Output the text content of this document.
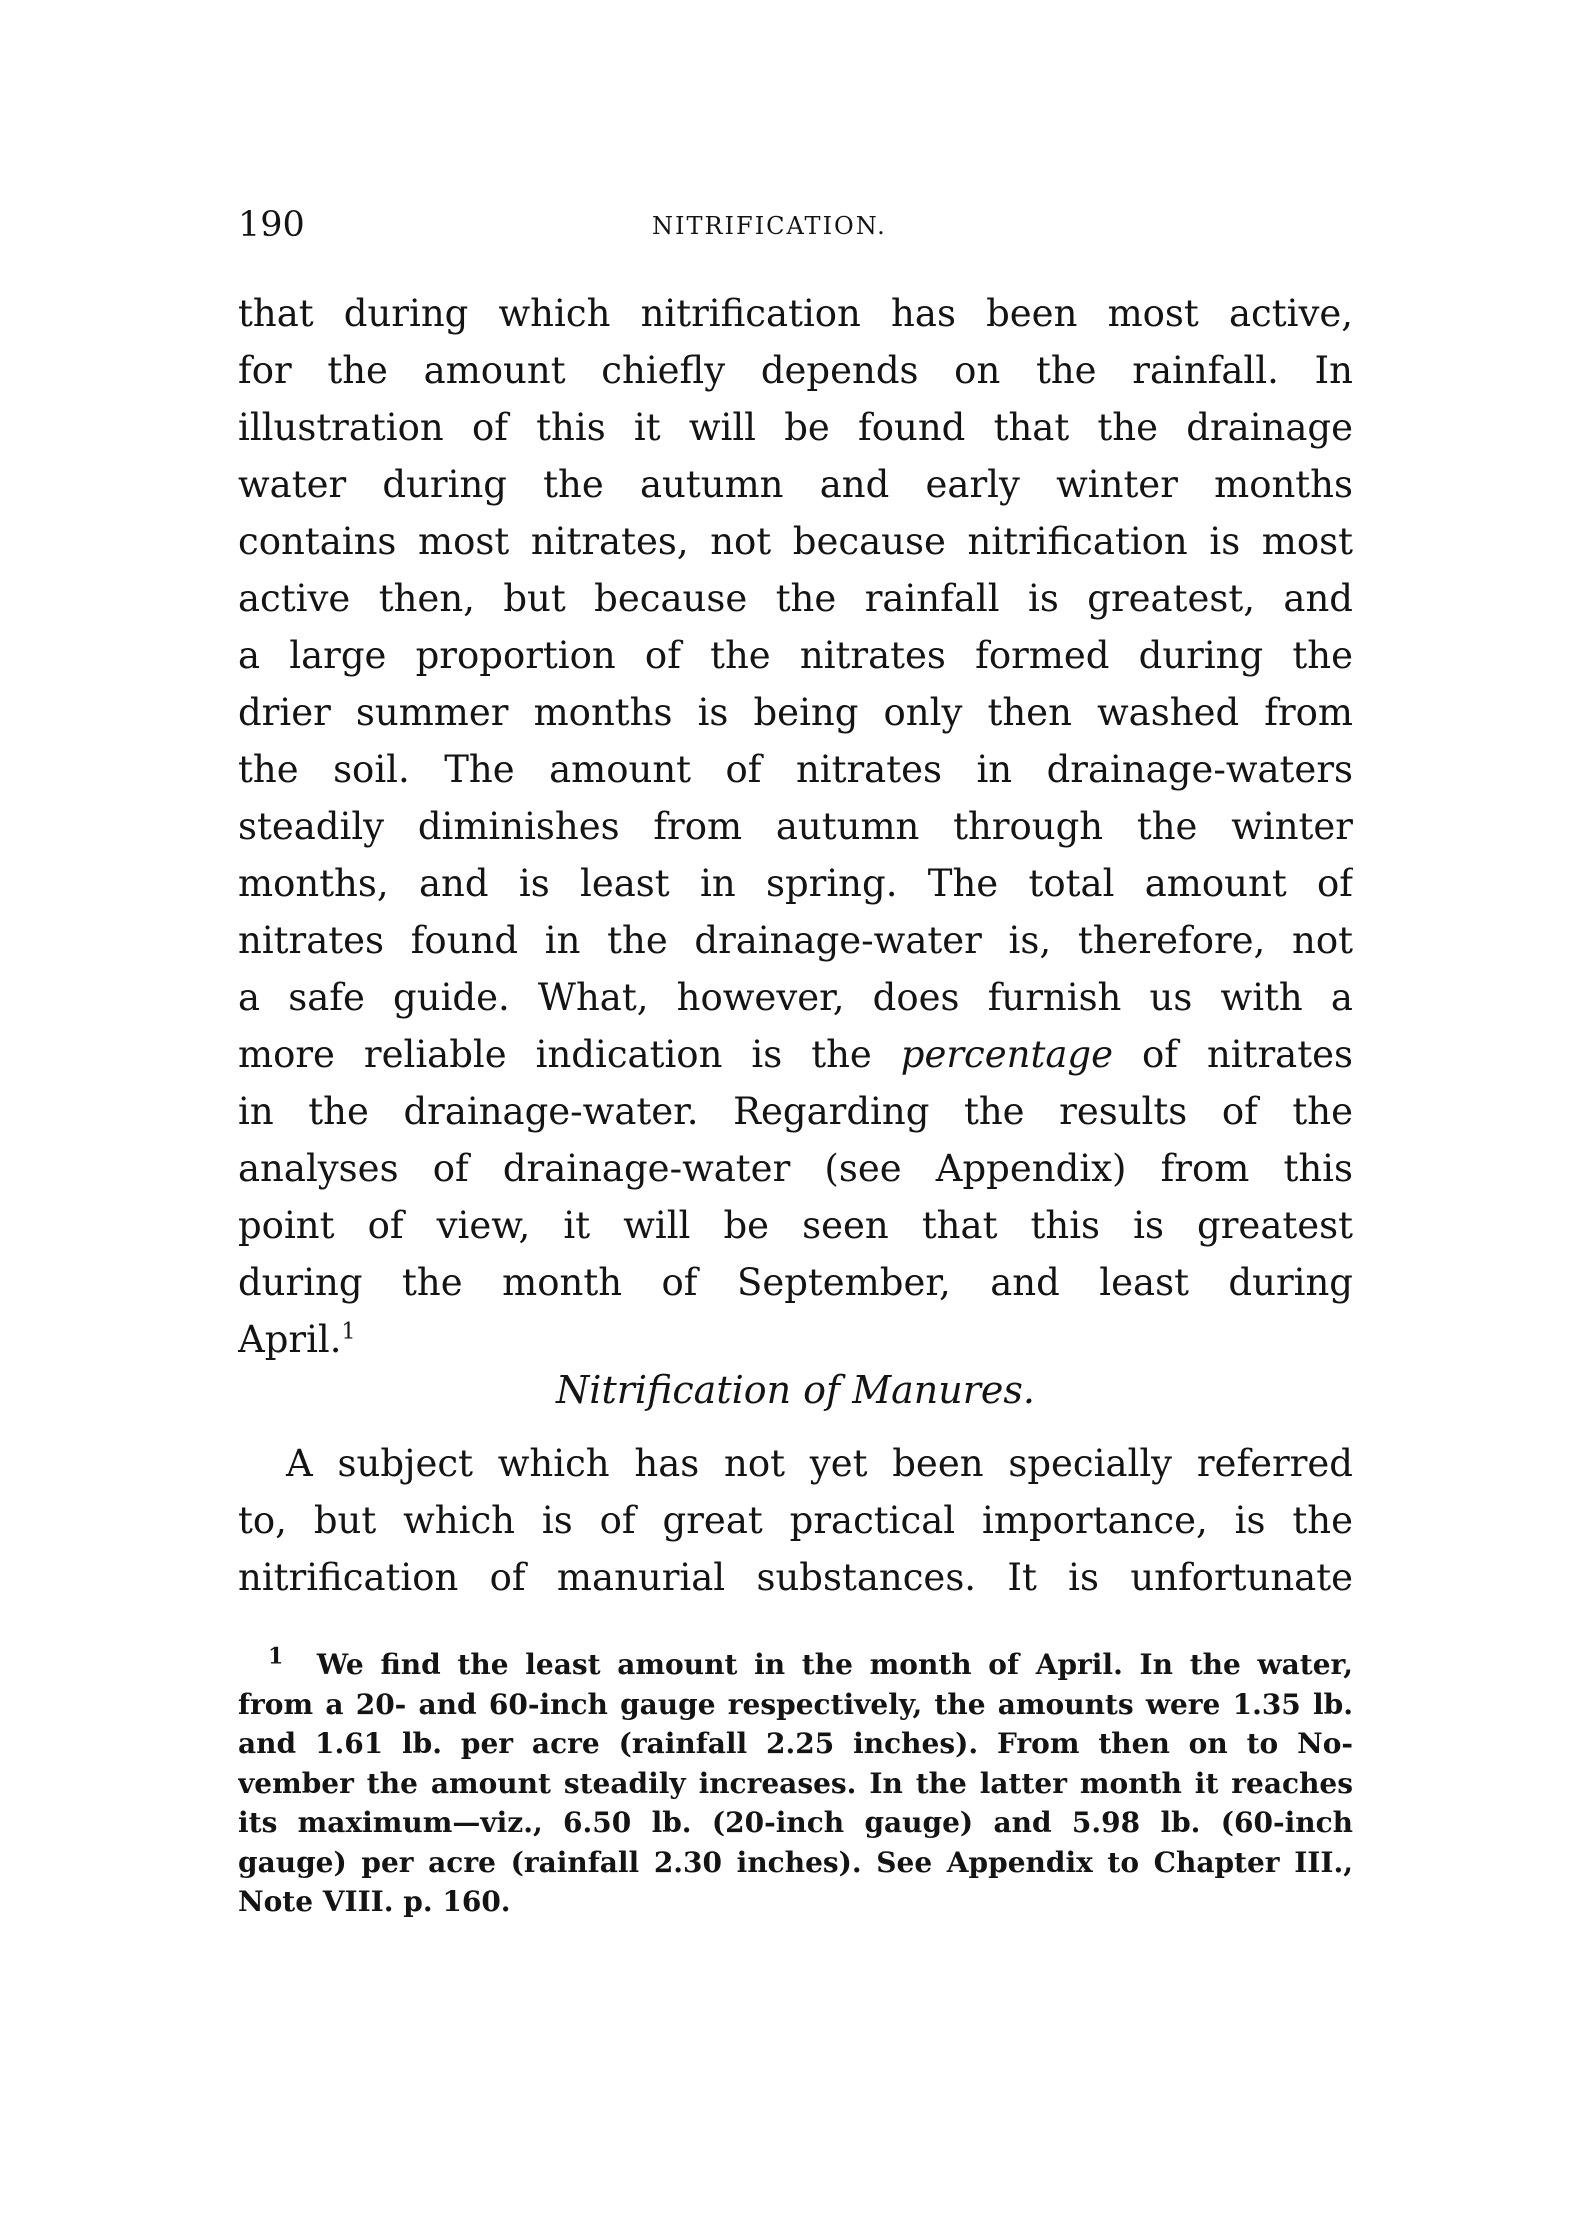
190	NITRIFICATION.
that during which nitrification has been most active,
for the amount chiefly depends on the rainfall. In
illustration of this it will be found that the drainage
water during the autumn and early winter months
contains most nitrates, not because nitrification is most
active then, but because the rainfall is greatest, and
a large proportion of the nitrates formed during the
drier summer months is being only then washed from
the soil. The amount of nitrates in drainage-waters
steadily diminishes from autumn through the winter
months, and is least in spring. The total amount of
nitrates found in the drainage-water is, therefore, not
a safe guide. What, however, does furnish us with a
more reliable indication is the percentage of nitrates
in the drainage-water. Regarding the results of the
analyses of drainage-water (see Appendix) from this
point of view, it will be seen that this is greatest
during the month of September, and least during
April.$^1$
Nitrification of Manures.
A subject which has not yet been specially referred
to, but which is of great practical importance, is the
nitrification of manurial substances. It is unfortunate
$^1$ We find the least amount in the month of April. In the water,
from a 20- and 60-inch gauge respectively, the amounts were 1.35 lb.
and 1.61 lb. per acre (rainfall 2.25 inches). From then on to No-
vember the amount steadily increases. In the latter month it reaches
its maximum—viz., 6.50 lb. (20-inch gauge) and 5.98 lb. (60-inch
gauge) per acre (rainfall 2.30 inches). See Appendix to Chapter III.,
Note VIII. p. 160.
